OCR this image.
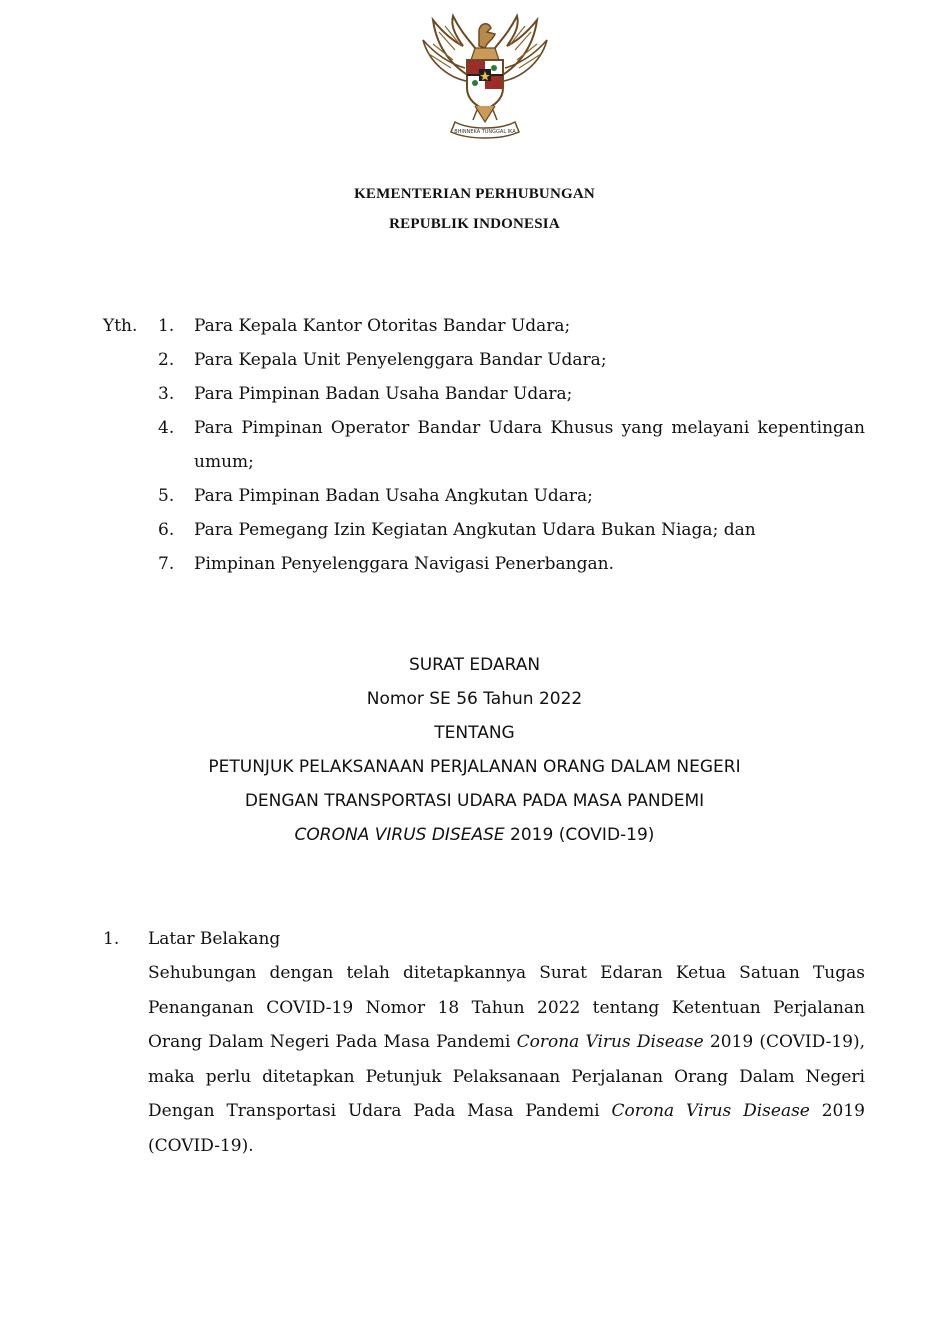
BHINNEKA TUNGGAL IKA
KEMENTERIAN PERHUBUNGAN
REPUBLIK INDONESIA
Yth. 1. Para Kepala Kantor Otoritas Bandar Udara;
2. Para Kepala Unit Penyelenggara Bandar Udara;
3. Para Pimpinan Badan Usaha Bandar Udara;
4. Para Pimpinan Operator Bandar Udara Khusus yang melayani kepentingan umum;
5. Para Pimpinan Badan Usaha Angkutan Udara;
6. Para Pemegang Izin Kegiatan Angkutan Udara Bukan Niaga; dan
7. Pimpinan Penyelenggara Navigasi Penerbangan.
SURAT EDARAN
Nomor SE 56 Tahun 2022
TENTANG
PETUNJUK PELAKSANAAN PERJALANAN ORANG DALAM NEGERI
DENGAN TRANSPORTASI UDARA PADA MASA PANDEMI
CORONA VIRUS DISEASE 2019 (COVID-19)
1. Latar Belakang
Sehubungan dengan telah ditetapkannya Surat Edaran Ketua Satuan Tugas Penanganan COVID-19 Nomor 18 Tahun 2022 tentang Ketentuan Perjalanan Orang Dalam Negeri Pada Masa Pandemi Corona Virus Disease 2019 (COVID-19), maka perlu ditetapkan Petunjuk Pelaksanaan Perjalanan Orang Dalam Negeri Dengan Transportasi Udara Pada Masa Pandemi Corona Virus Disease 2019 (COVID-19).
